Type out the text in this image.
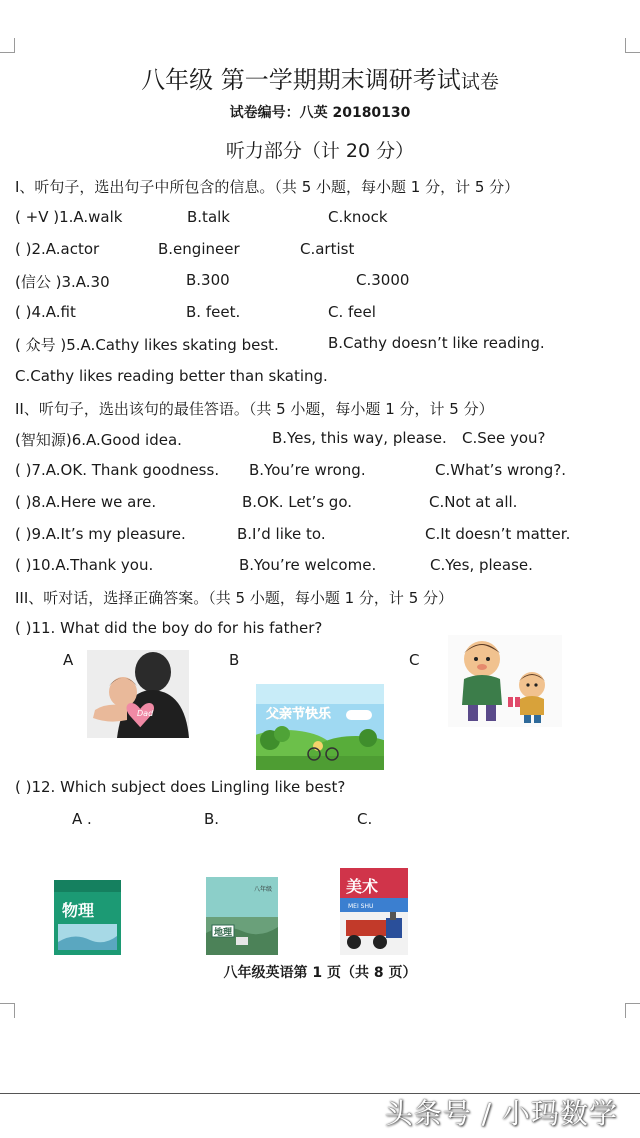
八年级 第一学期期末调研考试试卷
试卷编号：八英 20180130
听力部分（计 20 分）
I、听句子，选出句子中所包含的信息。（共 5 小题，每小题 1 分，计 5 分）
( +V )1.A.walk	B.talk	C.knock
( )2.A.actor	B.engineer	C.artist
(信公 )3.A.30	B.300	C.3000
( )4.A.fit	B. feet.	C. feel
( 众号 )5.A.Cathy likes skating best.	B.Cathy doesn’t like reading.
C.Cathy likes reading better than skating.
II、听句子，选出该句的最佳答语。（共 5 小题，每小题 1 分，计 5 分）
(智知源)6.A.Good idea.	B.Yes, this way, please. C.See you?
( )7.A.OK. Thank goodness. B.You’re wrong.	C.What’s wrong?.
( )8.A.Here we are.	B.OK. Let’s go.	C.Not at all.
( )9.A.It’s my pleasure.	B.I’d like to.	C.It doesn’t matter.
( )10.A.Thank you.	B.You’re welcome.	C.Yes, please.
III、听对话，选择正确答案。（共 5 小题，每小题 1 分，计 5 分）
( )11. What did the boy do for his father?
A	B	C
Dad	父亲节快乐
( )12. Which subject does Lingling like best?
A .	B.	C.
物理
八年级
地理
美术
MEI SHU
八年级英语第 1 页（共 8 页）
头条号 / 小玛数学
